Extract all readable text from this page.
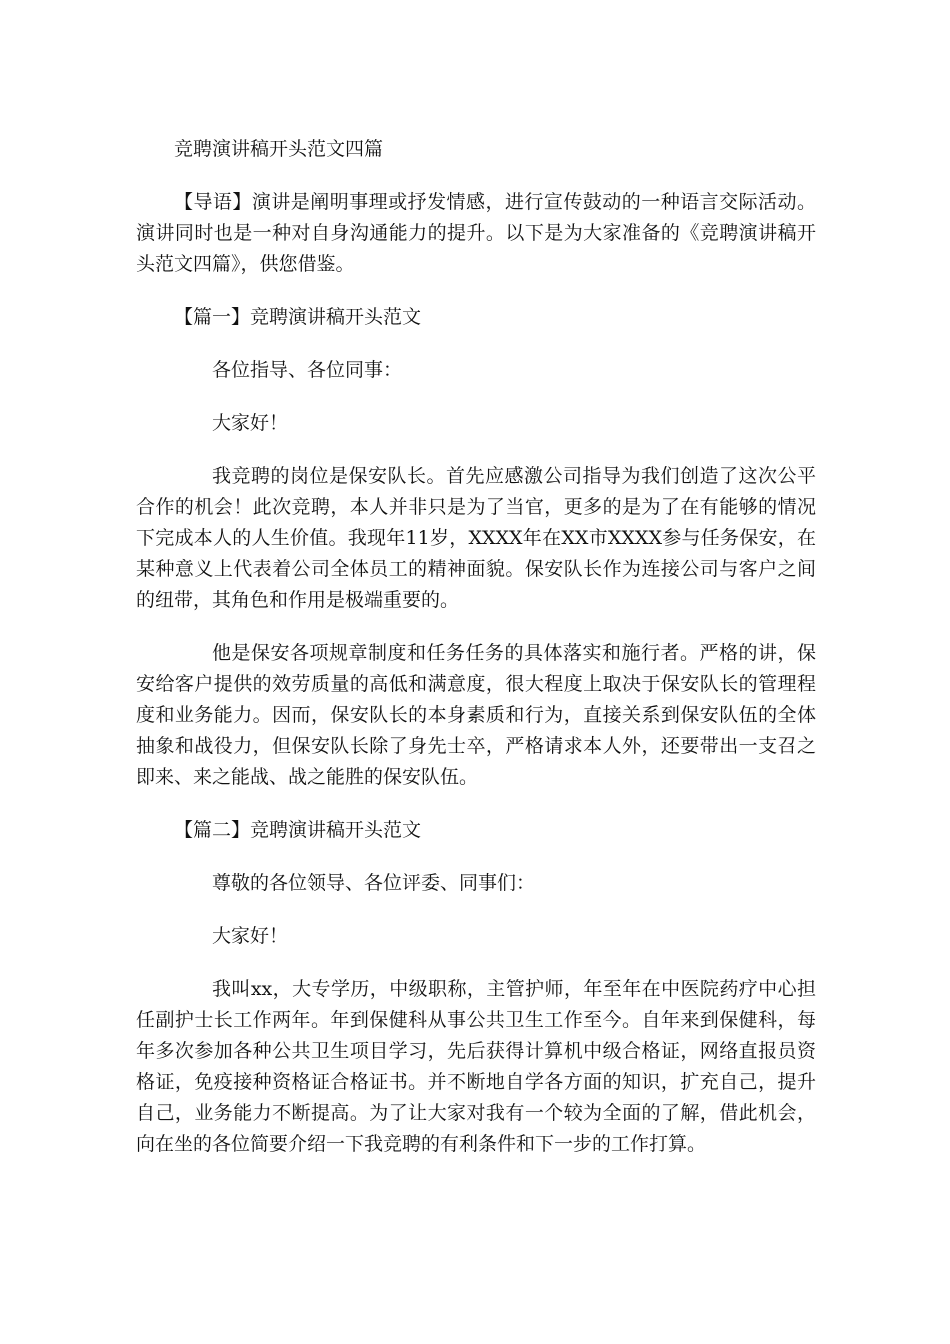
竞聘演讲稿开头范文四篇

【导语】演讲是阐明事理或抒发情感，进行宣传鼓动的一种语言交际活动。演讲同时也是一种对自身沟通能力的提升。以下是为大家准备的《竞聘演讲稿开头范文四篇》，供您借鉴。

【篇一】竞聘演讲稿开头范文

各位指导、各位同事：

大家好！

我竞聘的岗位是保安队长。首先应感激公司指导为我们创造了这次公平合作的机会！此次竞聘，本人并非只是为了当官，更多的是为了在有能够的情况下完成本人的人生价值。我现年11岁，XXXX年在XX市XXXX参与任务保安，在某种意义上代表着公司全体员工的精神面貌。保安队长作为连接公司与客户之间的纽带，其角色和作用是极端重要的。

他是保安各项规章制度和任务任务的具体落实和施行者。严格的讲，保安给客户提供的效劳质量的高低和满意度，很大程度上取决于保安队长的管理程度和业务能力。因而，保安队长的本身素质和行为，直接关系到保安队伍的全体抽象和战役力，但保安队长除了身先士卒，严格请求本人外，还要带出一支召之即来、来之能战、战之能胜的保安队伍。

【篇二】竞聘演讲稿开头范文

尊敬的各位领导、各位评委、同事们：

大家好！

我叫xx，大专学历，中级职称，主管护师，年至年在中医院药疗中心担任副护士长工作两年。年到保健科从事公共卫生工作至今。自年来到保健科，每年多次参加各种公共卫生项目学习，先后获得计算机中级合格证，网络直报员资格证，免疫接种资格证合格证书。并不断地自学各方面的知识，扩充自己，提升自己，业务能力不断提高。为了让大家对我有一个较为全面的了解，借此机会，向在坐的各位简要介绍一下我竞聘的有利条件和下一步的工作打算。
